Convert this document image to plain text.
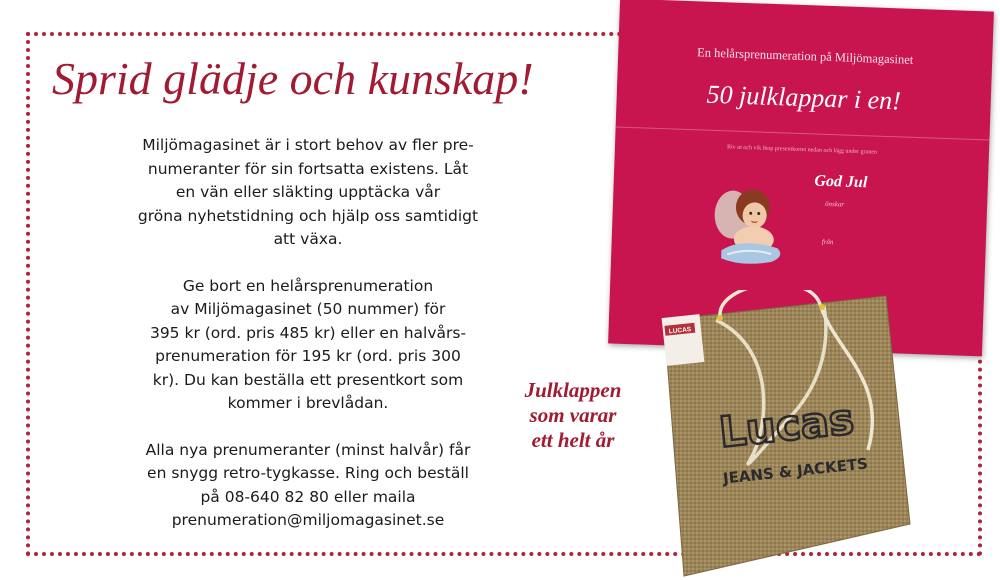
Sprid glädje och kunskap!

Miljömagasinet är i stort behov av fler pre-
numeranter för sin fortsatta existens. Låt
en vän eller släkting upptäcka vår
gröna nyhetstidning och hjälp oss samtidigt
att växa.

Ge bort en helårsprenumeration
av Miljömagasinet (50 nummer) för
395 kr (ord. pris 485 kr) eller en halvårs-
prenumeration för 195 kr (ord. pris 300
kr). Du kan beställa ett presentkort som
kommer i brevlådan.

Alla nya prenumeranter (minst halvår) får
en snygg retro-tygkasse. Ring och beställ
på 08-640 82 80 eller maila
prenumeration@miljomagasinet.se

En helårsprenumeration på Miljömagasinet
50 julklappar i en!
Riv ut och vik ihop presentkortet nedan och lägg under granen
God Jul
önskar
från
LUCAS
Lucas
JEANS & JACKETS
Julklappen
som varar
ett helt år
